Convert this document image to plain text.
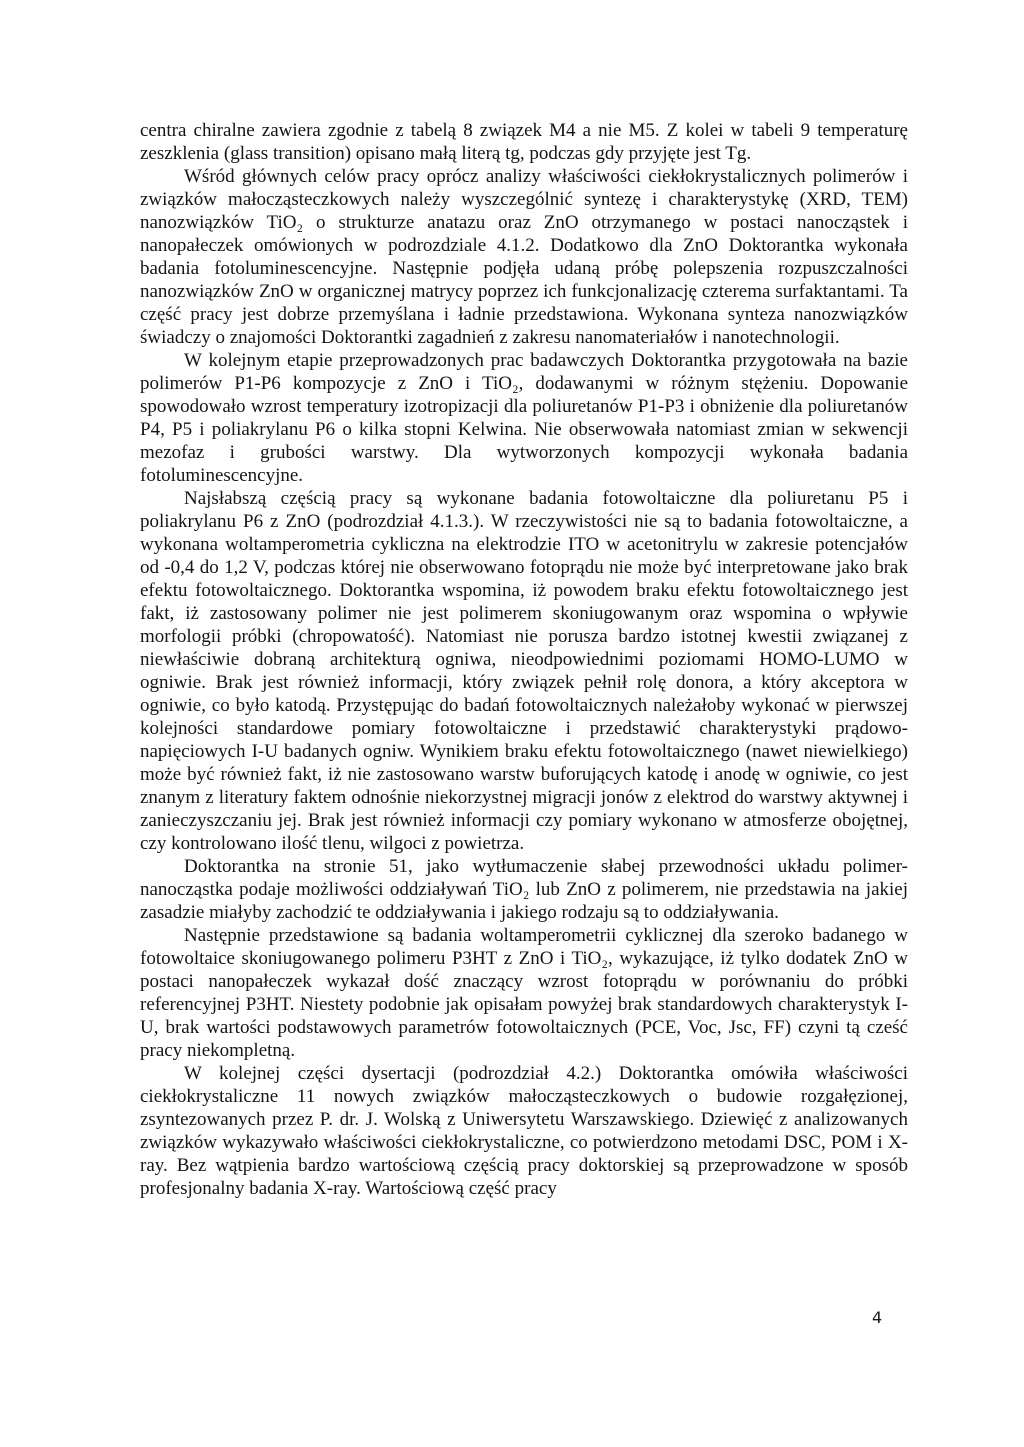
centra chiralne zawiera zgodnie z tabelą 8 związek M4 a nie M5. Z kolei w tabeli 9 temperaturę zeszklenia (glass transition) opisano małą literą tg, podczas gdy przyjęte jest Tg.

Wśród głównych celów pracy oprócz analizy właściwości ciekłokrystalicznych polimerów i związków małocząsteczkowych należy wyszczególnić syntezę i charakterystykę (XRD, TEM) nanozwiązków TiO₂ o strukturze anatazu oraz ZnO otrzymanego w postaci nanocząstek i nanopałeczek omówionych w podrozdziale 4.1.2. Dodatkowo dla ZnO Doktorantka wykonała badania fotoluminescencyjne. Następnie podjęła udaną próbę polepszenia rozpuszczalności nanozwiązków ZnO w organicznej matrycy poprzez ich funkcjonalizację czterema surfaktantami. Ta część pracy jest dobrze przemyślana i ładnie przedstawiona. Wykonana synteza nanozwiązków świadczy o znajomości Doktorantki zagadnień z zakresu nanomateriałów i nanotechnologii.

W kolejnym etapie przeprowadzonych prac badawczych Doktorantka przygotowała na bazie polimerów P1-P6 kompozycje z ZnO i TiO₂, dodawanymi w różnym stężeniu. Dopowanie spowodowało wzrost temperatury izotropizacji dla poliuretanów P1-P3 i obniżenie dla poliuretanów P4, P5 i poliakrylanu P6 o kilka stopni Kelwina. Nie obserwowała natomiast zmian w sekwencji mezofaz i grubości warstwy. Dla wytworzonych kompozycji wykonała badania fotoluminescencyjne.

Najsłabszą częścią pracy są wykonane badania fotowoltaiczne dla poliuretanu P5 i poliakrylanu P6 z ZnO (podrozdział 4.1.3.). W rzeczywistości nie są to badania fotowoltaiczne, a wykonana woltamperometria cykliczna na elektrodzie ITO w acetonitrylu w zakresie potencjałów od -0,4 do 1,2 V, podczas której nie obserwowano fotoprądu nie może być interpretowane jako brak efektu fotowoltaicznego. Doktorantka wspomina, iż powodem braku efektu fotowoltaicznego jest fakt, iż zastosowany polimer nie jest polimerem skoniugowanym oraz wspomina o wpływie morfologii próbki (chropowatość). Natomiast nie porusza bardzo istotnej kwestii związanej z niewłaściwie dobraną architekturą ogniwa, nieodpowiednimi poziomami HOMO-LUMO w ogniwie. Brak jest również informacji, który związek pełnił rolę donora, a który akceptora w ogniwie, co było katodą. Przystępując do badań fotowoltaicznych należałoby wykonać w pierwszej kolejności standardowe pomiary fotowoltaiczne i przedstawić charakterystyki prądowo-napięciowych I-U badanych ogniw. Wynikiem braku efektu fotowoltaicznego (nawet niewielkiego) może być również fakt, iż nie zastosowano warstw buforujących katodę i anodę w ogniwie, co jest znanym z literatury faktem odnośnie niekorzystnej migracji jonów z elektrod do warstwy aktywnej i zanieczyszczaniu jej. Brak jest również informacji czy pomiary wykonano w atmosferze obojętnej, czy kontrolowano ilość tlenu, wilgoci z powietrza.

Doktorantka na stronie 51, jako wytłumaczenie słabej przewodności układu polimer-nanocząstka podaje możliwości oddziaływań TiO₂ lub ZnO z polimerem, nie przedstawia na jakiej zasadzie miałyby zachodzić te oddziaływania i jakiego rodzaju są to oddziaływania.

Następnie przedstawione są badania woltamperometrii cyklicznej dla szeroko badanego w fotowoltaice skoniugowanego polimeru P3HT z ZnO i TiO₂, wykazujące, iż tylko dodatek ZnO w postaci nanopałeczek wykazał dość znaczący wzrost fotoprądu w porównaniu do próbki referencyjnej P3HT. Niestety podobnie jak opisałam powyżej brak standardowych charakterystyk I-U, brak wartości podstawowych parametrów fotowoltaicznych (PCE, Voc, Jsc, FF) czyni tą cześć pracy niekompletną.

W kolejnej części dysertacji (podrozdział 4.2.) Doktorantka omówiła właściwości ciekłokrystaliczne 11 nowych związków małocząsteczkowych o budowie rozgałęzionej, zsyntezowanych przez P. dr. J. Wolską z Uniwersytetu Warszawskiego. Dziewięć z analizowanych związków wykazywało właściwości ciekłokrystaliczne, co potwierdzono metodami DSC, POM i X-ray. Bez wątpienia bardzo wartościową częścią pracy doktorskiej są przeprowadzone w sposób profesjonalny badania X-ray. Wartościową część pracy

4
